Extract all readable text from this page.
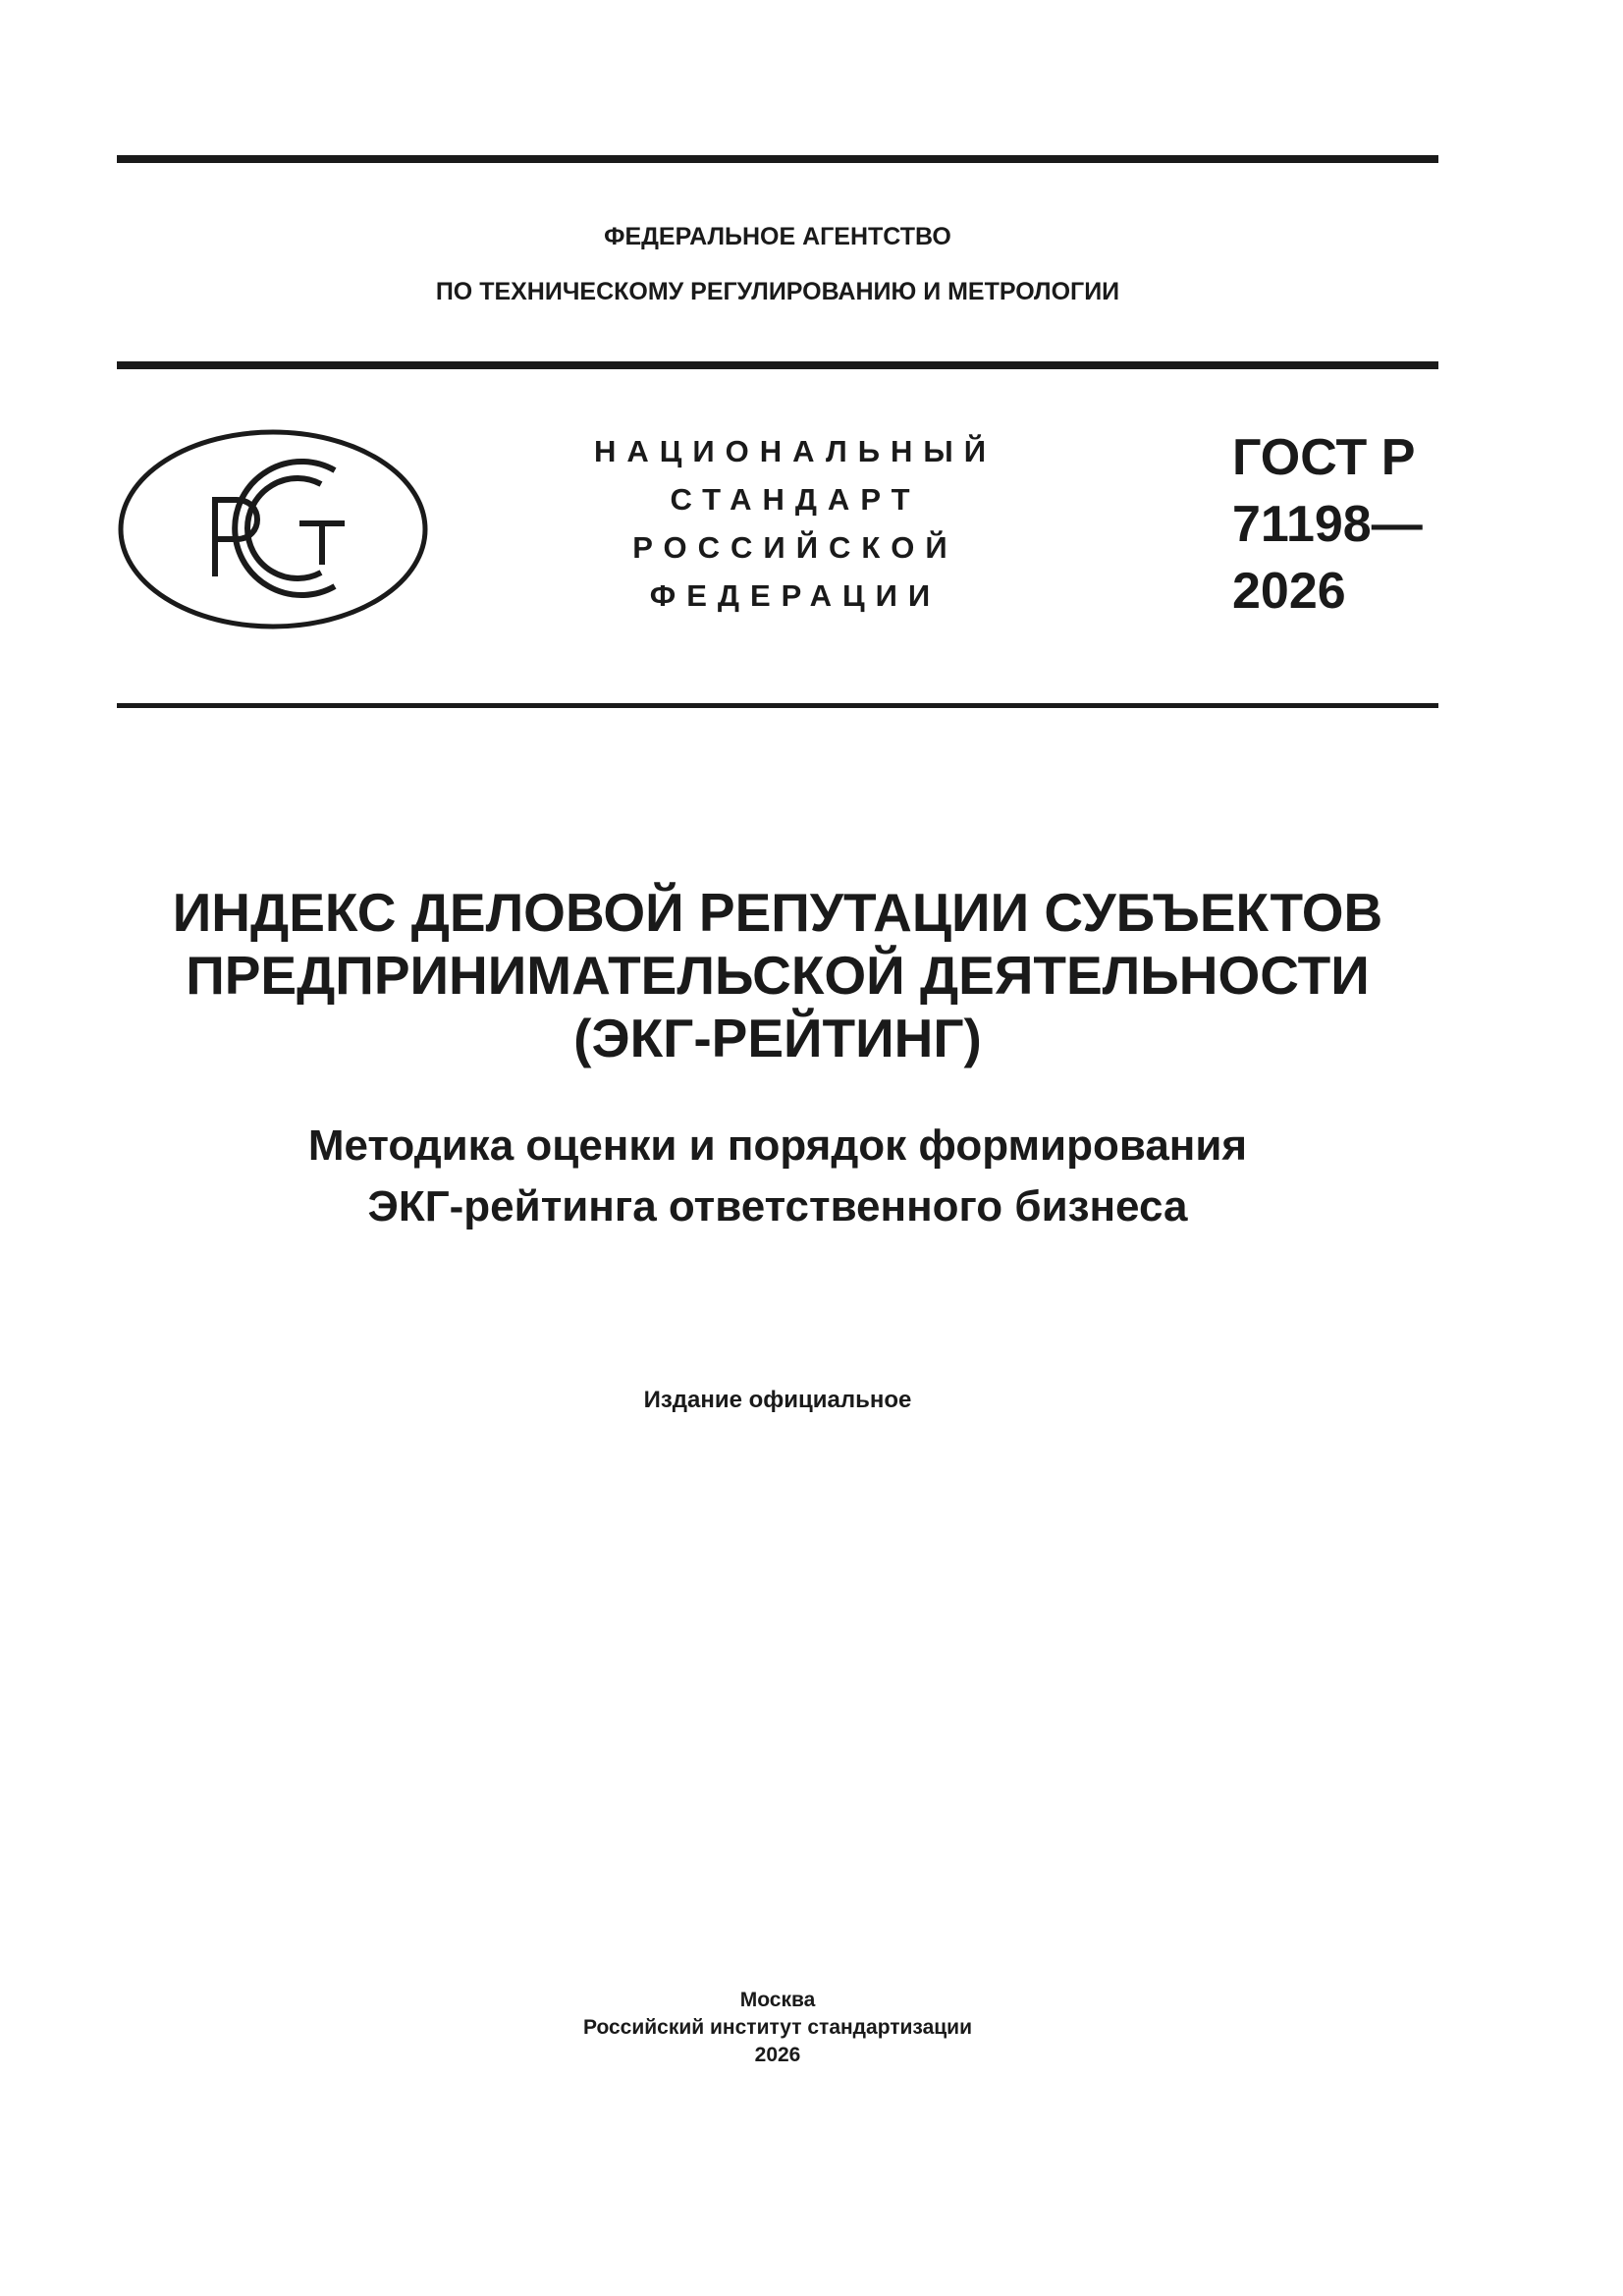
ФЕДЕРАЛЬНОЕ АГЕНТСТВО
ПО ТЕХНИЧЕСКОМУ РЕГУЛИРОВАНИЮ И МЕТРОЛОГИИ
НАЦИОНАЛЬНЫЙ
СТАНДАРТ
РОССИЙСКОЙ
ФЕДЕРАЦИИ
ГОСТ Р
71198—
2026
ИНДЕКС ДЕЛОВОЙ РЕПУТАЦИИ СУБЪЕКТОВ
ПРЕДПРИНИМАТЕЛЬСКОЙ ДЕЯТЕЛЬНОСТИ
(ЭКГ-РЕЙТИНГ)
Методика оценки и порядок формирования
ЭКГ-рейтинга ответственного бизнеса
Издание официальное
Москва
Российский институт стандартизации
2026
